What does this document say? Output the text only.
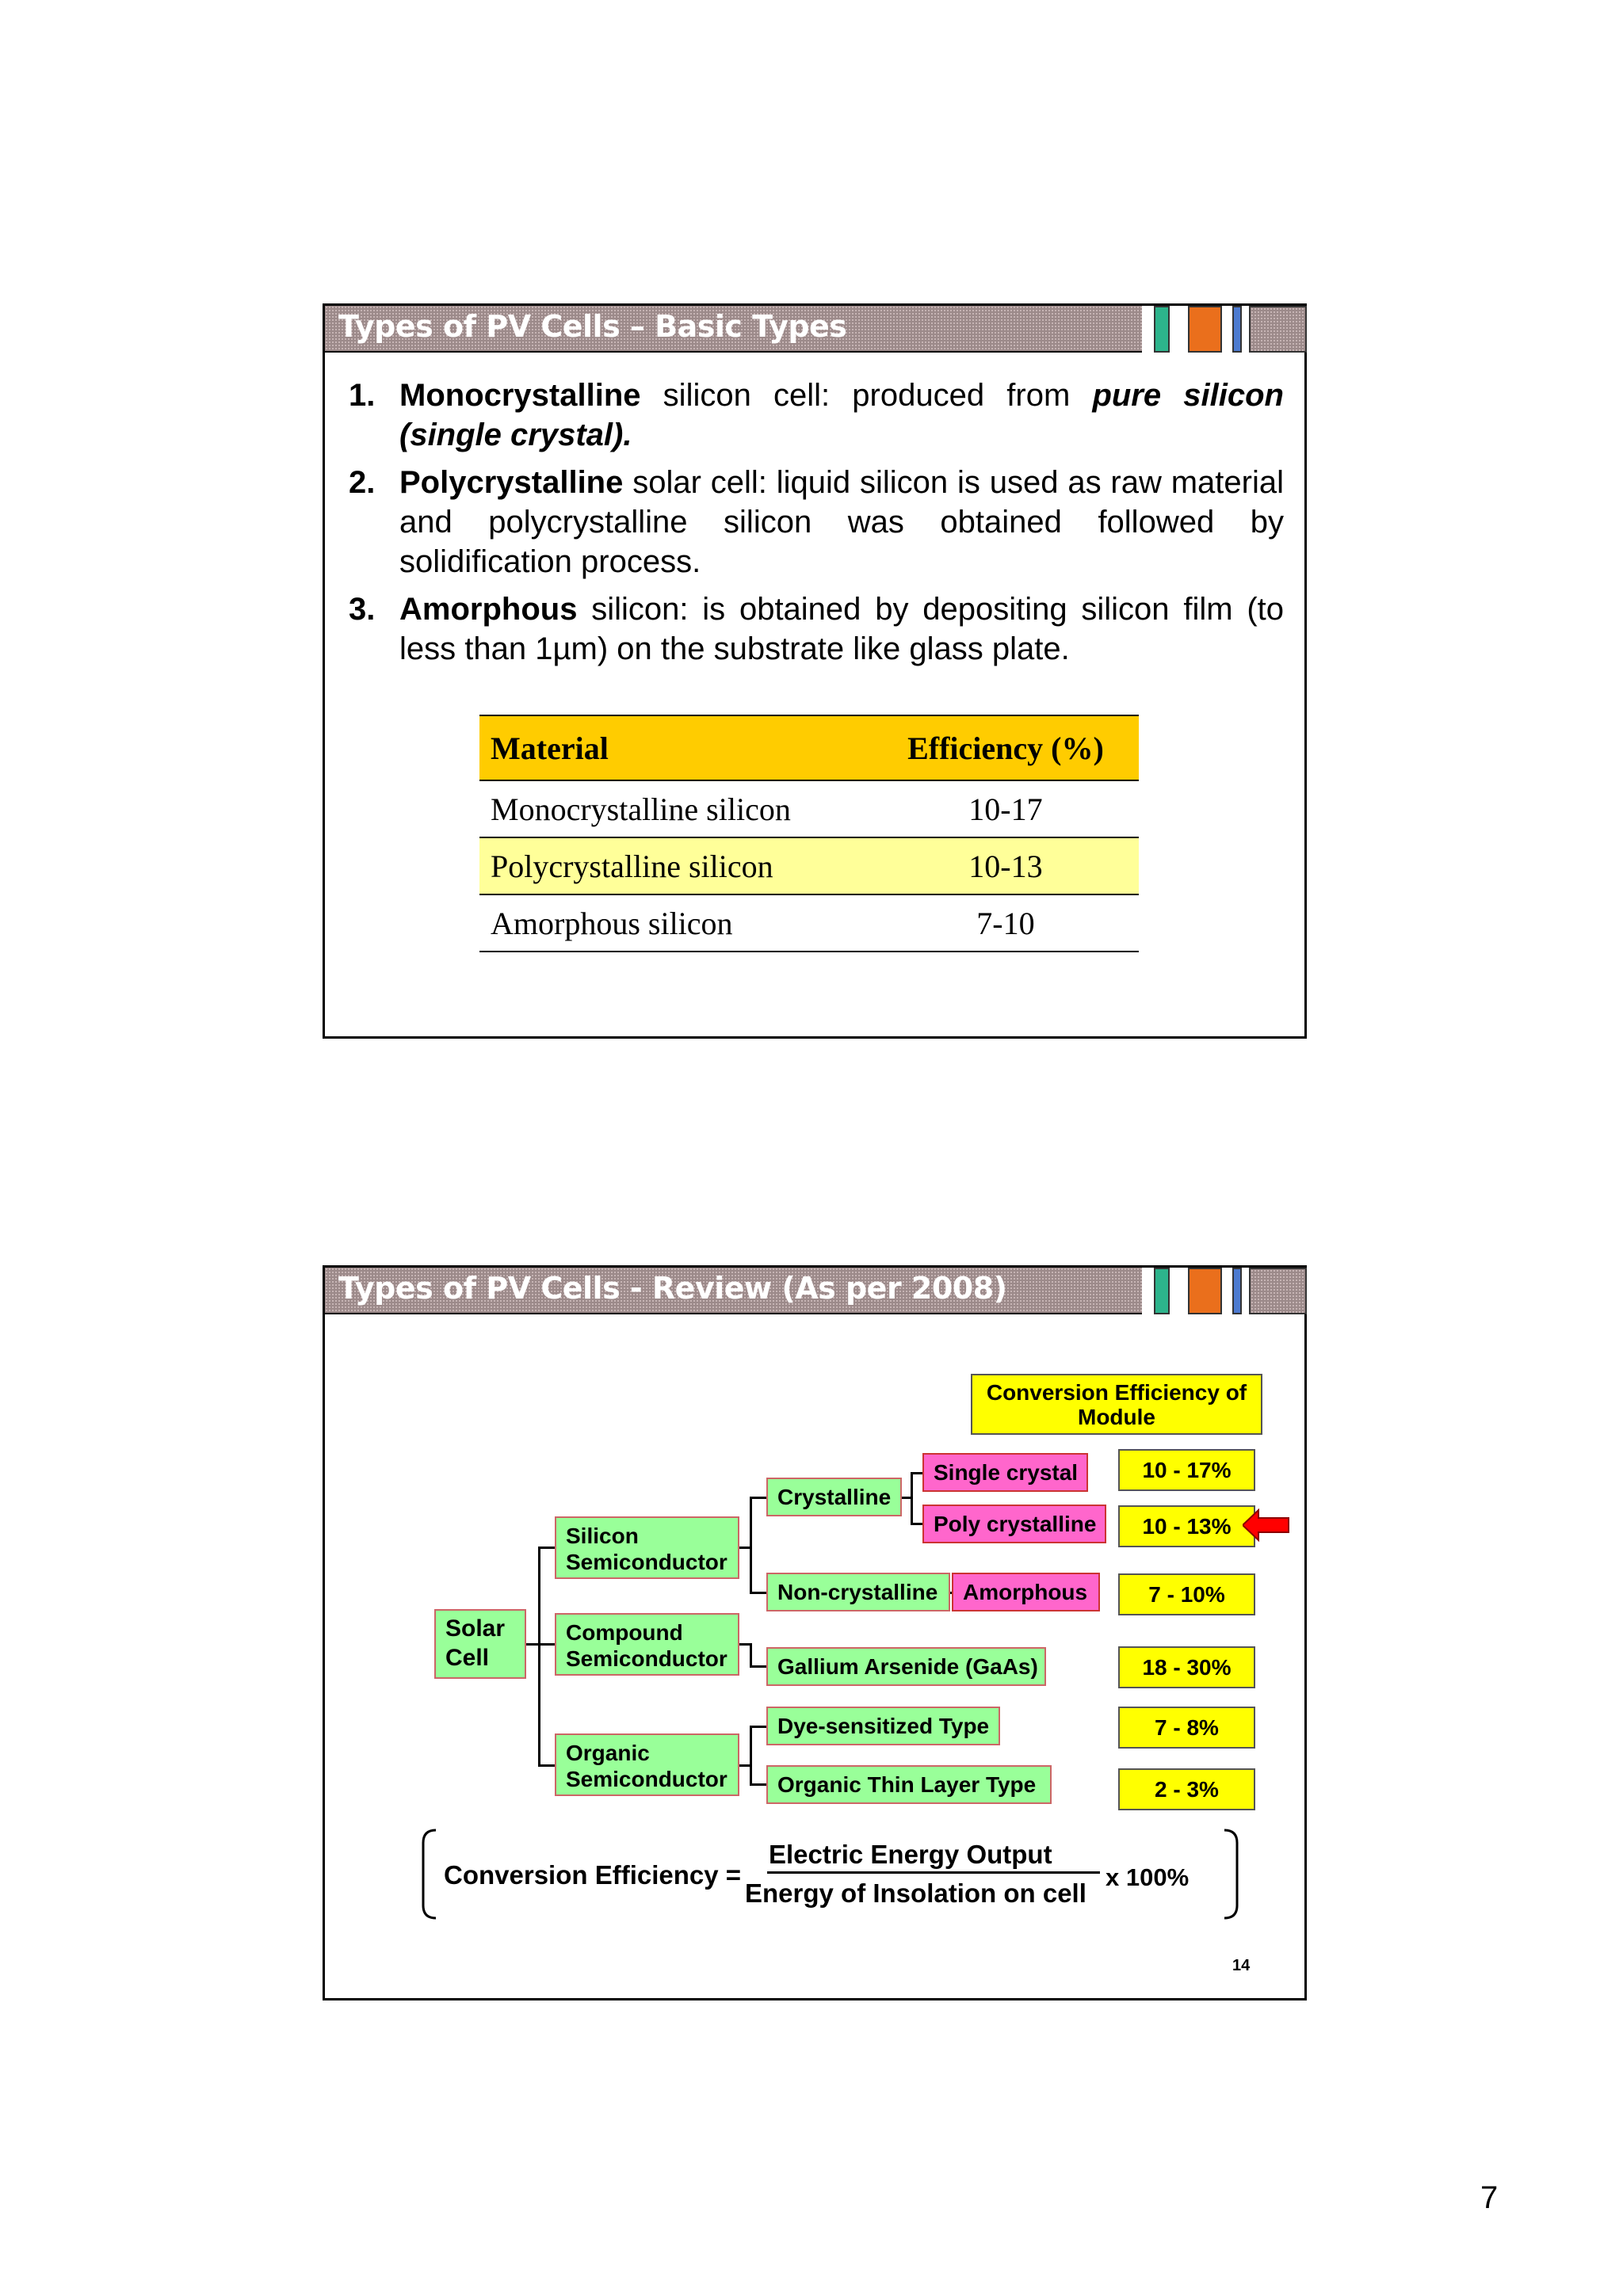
Types of PV Cells – Basic Types
1. Monocrystalline silicon cell: produced from pure silicon (single crystal).
2. Polycrystalline solar cell: liquid silicon is used as raw material and polycrystalline silicon was obtained followed by solidification process.
3. Amorphous silicon: is obtained by depositing silicon film (to less than 1µm) on the substrate like glass plate.
Material	Efficiency (%)
Monocrystalline silicon	10-17
Polycrystalline silicon	10-13
Amorphous silicon	7-10
Types of PV Cells - Review (As per 2008)
Conversion Efficiency of Module
Solar Cell
Silicon Semiconductor
Compound Semiconductor
Organic Semiconductor
Crystalline
Non-crystalline
Gallium Arsenide (GaAs)
Dye-sensitized Type
Organic Thin Layer Type
Single crystal
Poly crystalline
Amorphous
10 - 17%
10 - 13%
7 - 10%
18 - 30%
7 - 8%
2 - 3%
Conversion Efficiency =
Electric Energy Output
Energy of Insolation on cell
x 100%
14
7
